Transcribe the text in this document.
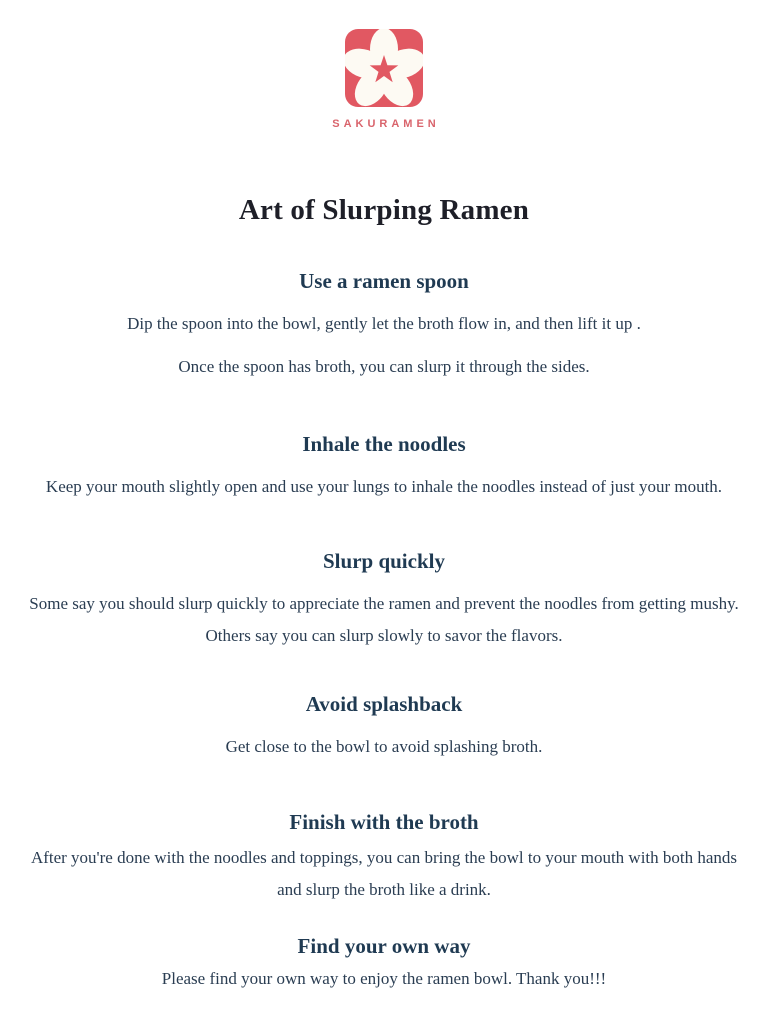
SAKURAMEN
Art of Slurping Ramen
Use a ramen spoon

Dip the spoon into the bowl, gently let the broth flow in, and then lift it up .

Once the spoon has broth, you can slurp it through the sides.

Inhale the noodles

Keep your mouth slightly open and use your lungs to inhale the noodles instead of just your mouth.

Slurp quickly

Some say you should slurp quickly to appreciate the ramen and prevent the noodles from getting mushy. Others say you can slurp slowly to savor the flavors.

Avoid splashback

Get close to the bowl to avoid splashing broth.

Finish with the broth

After you're done with the noodles and toppings, you can bring the bowl to your mouth with both hands and slurp the broth like a drink.

Find your own way

Please find your own way to enjoy the ramen bowl. Thank you!!!
